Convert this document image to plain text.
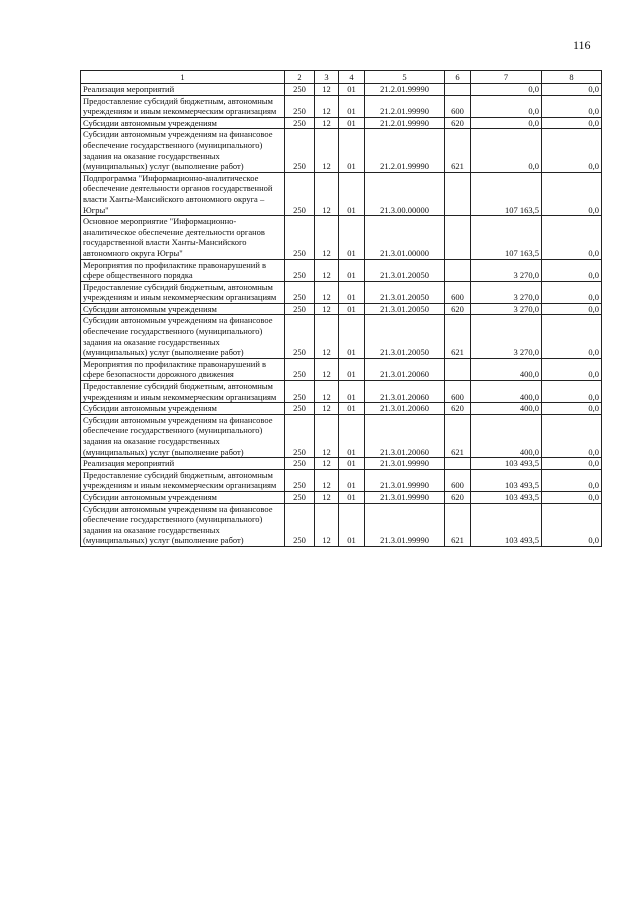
116
1	2	3	4	5	6	7	8
Реализация мероприятий	250	12	01	21.2.01.99990		0,0	0,0
Предоставление субсидий бюджетным, автономным учреждениям и иным некоммерческим организациям	250	12	01	21.2.01.99990	600	0,0	0,0
Субсидии автономным учреждениям	250	12	01	21.2.01.99990	620	0,0	0,0
Субсидии автономным учреждениям на финансовое обеспечение государственного (муниципального) задания на оказание государственных (муниципальных) услуг (выполнение работ)	250	12	01	21.2.01.99990	621	0,0	0,0
Подпрограмма "Информационно-аналитическое обеспечение деятельности органов государственной власти Ханты-Мансийского автономного округа – Югры"	250	12	01	21.3.00.00000		107 163,5	0,0
Основное мероприятие "Информационно-аналитическое обеспечение деятельности органов государственной власти Ханты-Мансийского автономного округа Югры"	250	12	01	21.3.01.00000		107 163,5	0,0
Мероприятия по профилактике правонарушений в сфере общественного порядка	250	12	01	21.3.01.20050		3 270,0	0,0
Предоставление субсидий бюджетным, автономным учреждениям и иным некоммерческим организациям	250	12	01	21.3.01.20050	600	3 270,0	0,0
Субсидии автономным учреждениям	250	12	01	21.3.01.20050	620	3 270,0	0,0
Субсидии автономным учреждениям на финансовое обеспечение государственного (муниципального) задания на оказание государственных (муниципальных) услуг (выполнение работ)	250	12	01	21.3.01.20050	621	3 270,0	0,0
Мероприятия по профилактике правонарушений в сфере безопасности дорожного движения	250	12	01	21.3.01.20060		400,0	0,0
Предоставление субсидий бюджетным, автономным учреждениям и иным некоммерческим организациям	250	12	01	21.3.01.20060	600	400,0	0,0
Субсидии автономным учреждениям	250	12	01	21.3.01.20060	620	400,0	0,0
Субсидии автономным учреждениям на финансовое обеспечение государственного (муниципального) задания на оказание государственных (муниципальных) услуг (выполнение работ)	250	12	01	21.3.01.20060	621	400,0	0,0
Реализация мероприятий	250	12	01	21.3.01.99990		103 493,5	0,0
Предоставление субсидий бюджетным, автономным учреждениям и иным некоммерческим организациям	250	12	01	21.3.01.99990	600	103 493,5	0,0
Субсидии автономным учреждениям	250	12	01	21.3.01.99990	620	103 493,5	0,0
Субсидии автономным учреждениям на финансовое обеспечение государственного (муниципального) задания на оказание государственных (муниципальных) услуг (выполнение работ)	250	12	01	21.3.01.99990	621	103 493,5	0,0
